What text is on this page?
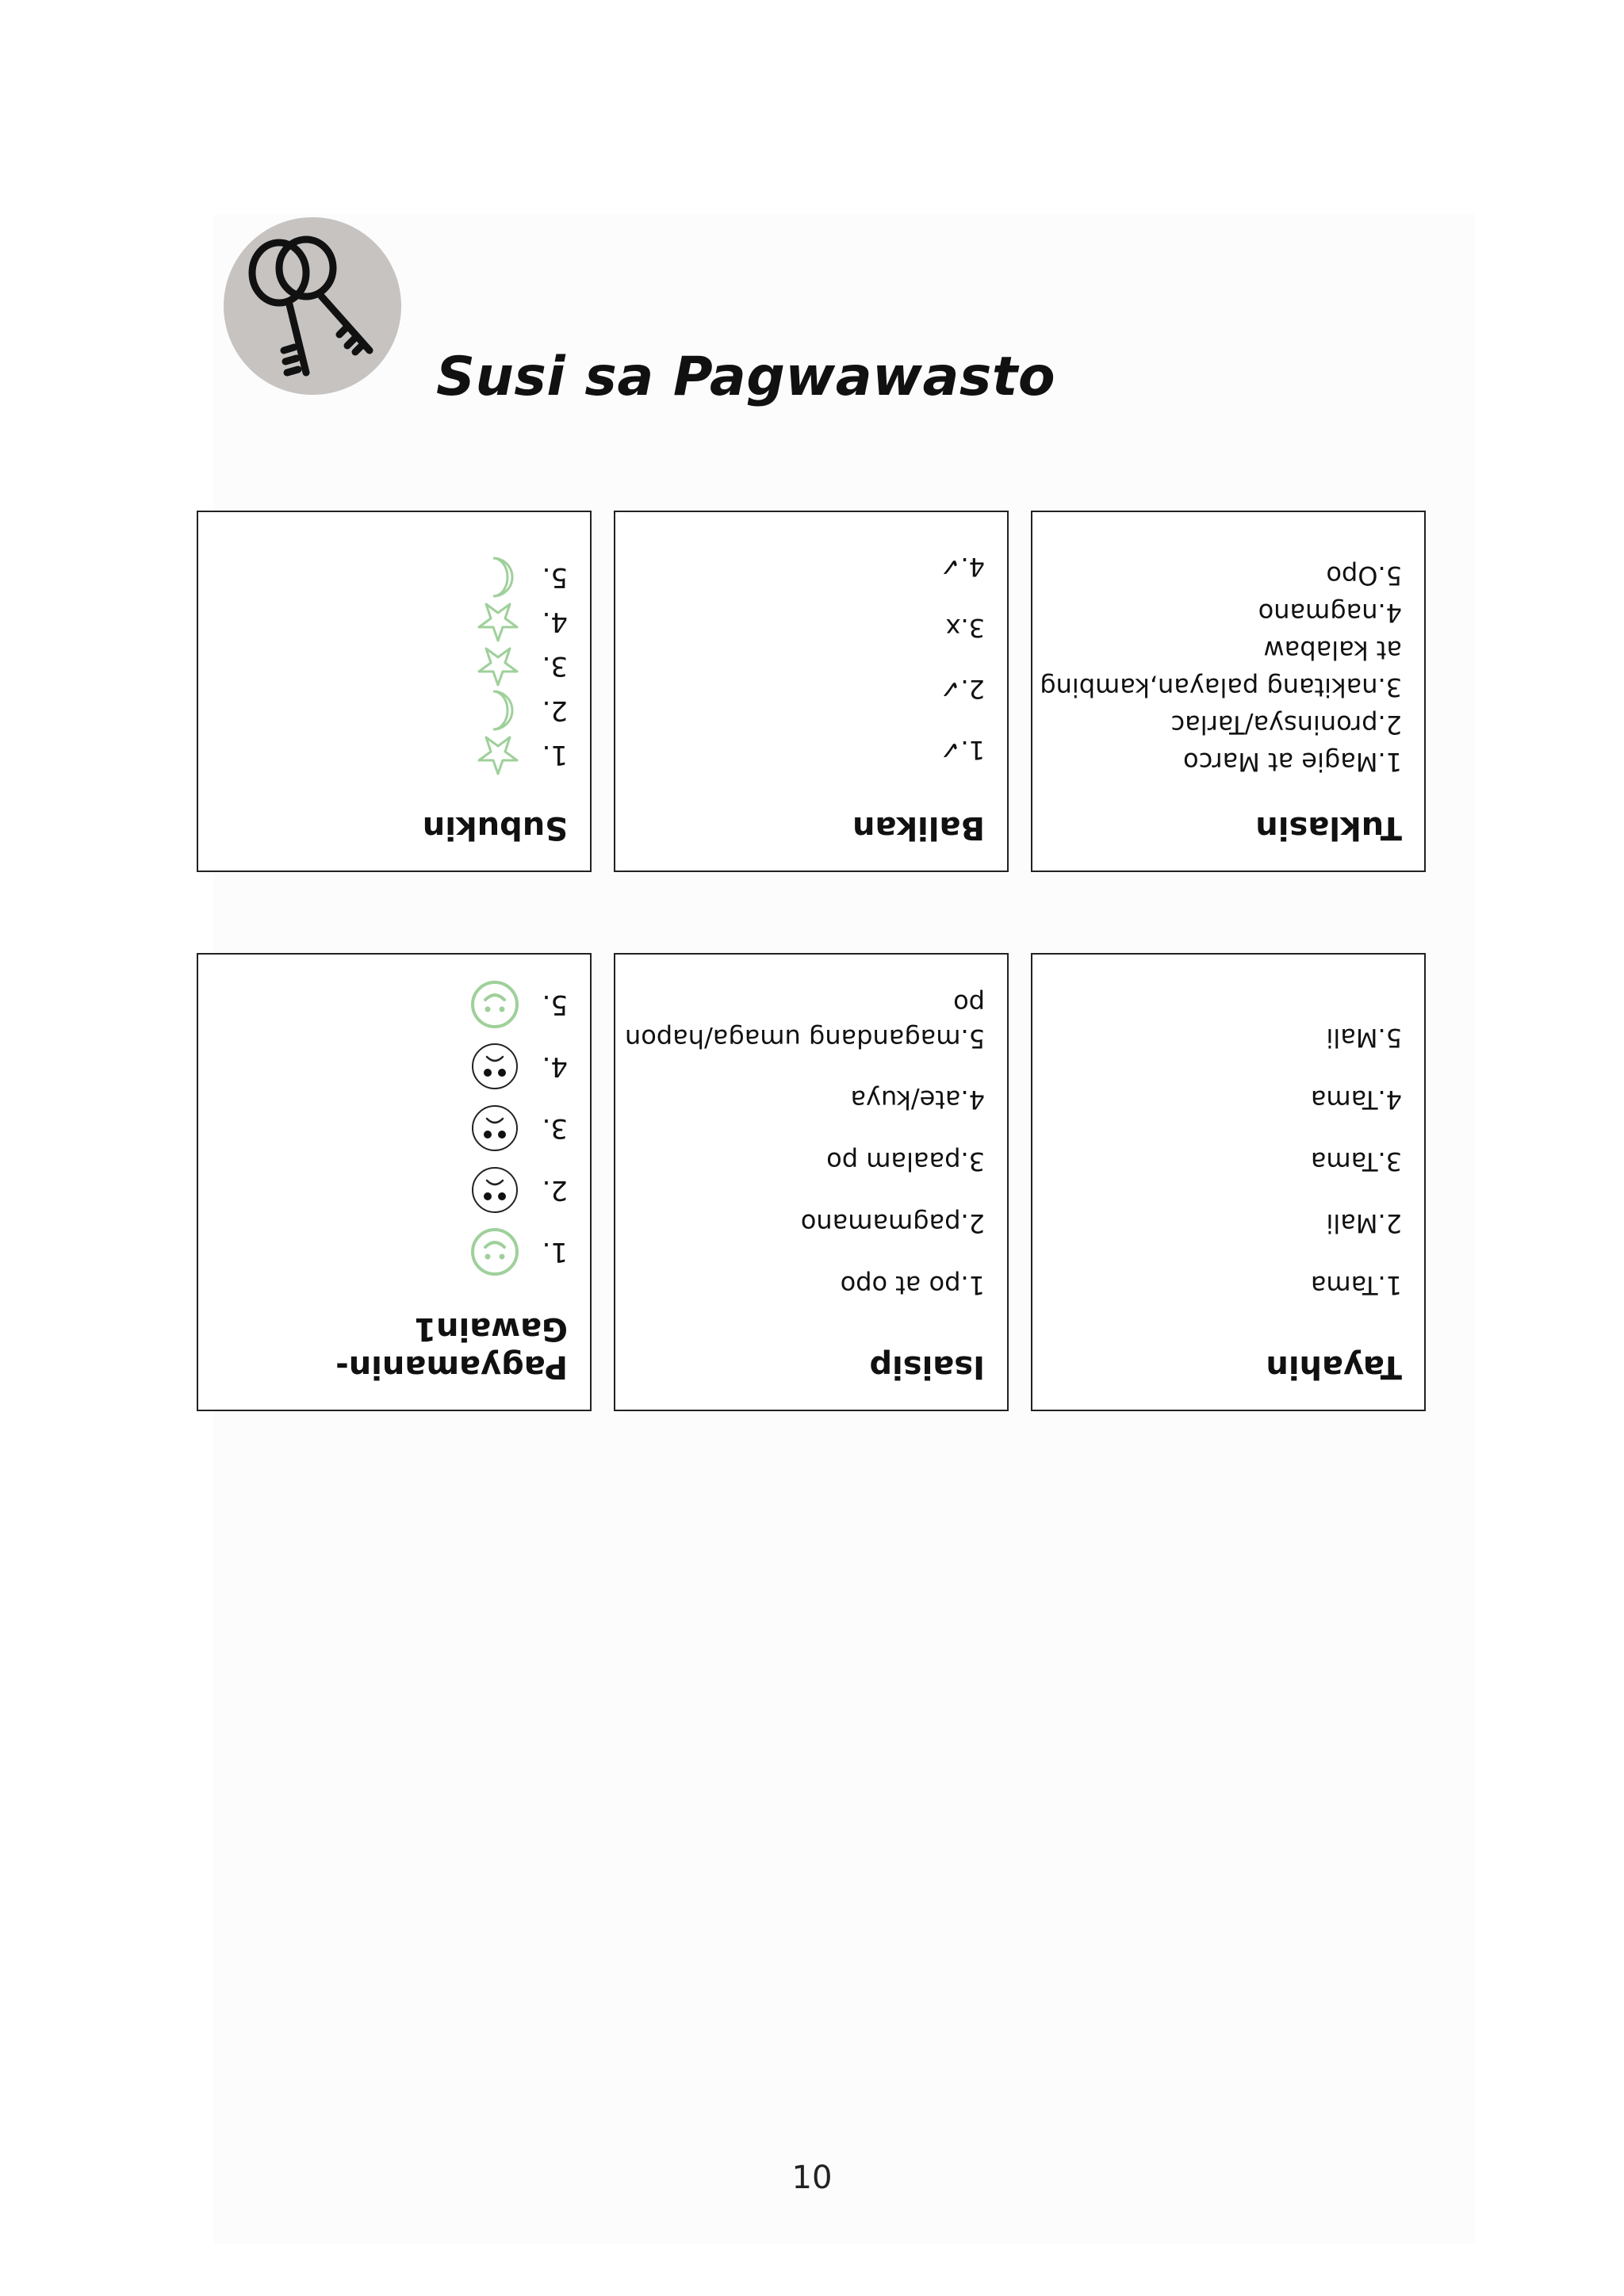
Susi sa Pagwawasto
Tuklasin
1.Magie at Marco
2.proninsya/Tarlac
3.nakitang palayan,kambing
at kalabaw
4.nagmano
5.Opo
Balikan
1.✓
2.✓
3.x
4.✓
Subukin
1.
2.
3.
4.
5.
Tayahin
1.Tama
2.Mali
3.Tama
4.Tama
5.Mali
Isaisip
1.po at opo
2.pagmamano
3.paalam po
4.ate/kuya
5.magandang umaga/hapon
po
Pagyamanin-
Gawain1
1.
2.
3.
4.
5.
10
